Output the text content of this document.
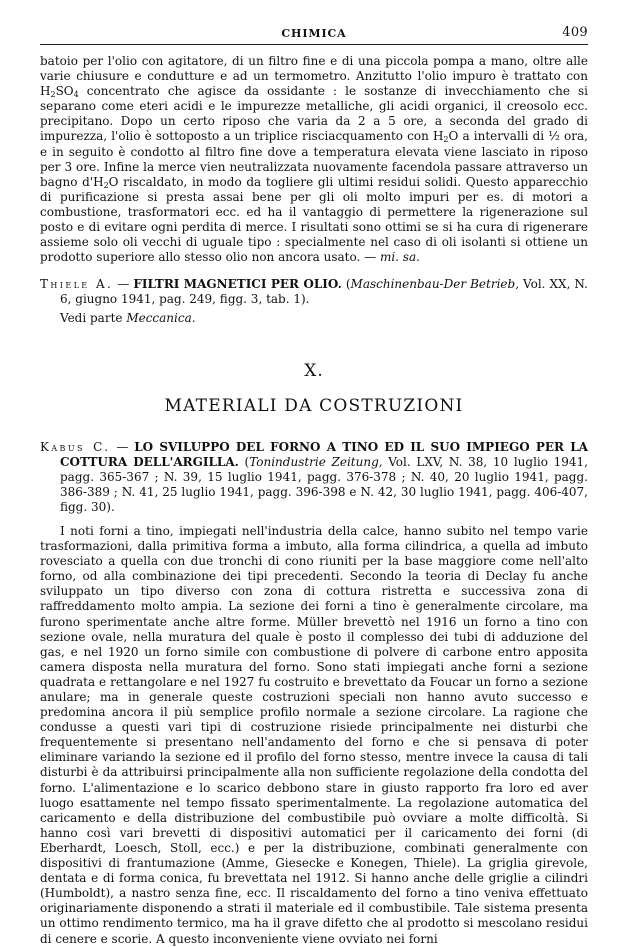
CHIMICA	409

batoio per l'olio con agitatore, di un filtro fine e di una piccola pompa a mano, oltre alle varie chiusure e condutture e ad un termometro. Anzitutto l'olio impuro è trattato con $H_2SO_4$ concentrato che agisce da ossidante : le sostanze di invecchiamento che si separano come eteri acidi e le impurezze metalliche, gli acidi organici, il creosolo ecc. precipitano. Dopo un certo riposo che varia da 2 a 5 ore, a seconda del grado di impurezza, l'olio è sottoposto a un triplice risciacquamento con $H_2O$ a intervalli di ½ ora, e in seguito è condotto al filtro fine dove a temperatura elevata viene lasciato in riposo per 3 ore. Infine la merce vien neutralizzata nuovamente facendola passare attraverso un bagno $d'H_2O$ riscaldato, in modo da togliere gli ultimi residui solidi. Questo apparecchio di purificazione si presta assai bene per gli oli molto impuri per es. di motori a combustione, trasformatori ecc. ed ha il vantaggio di permettere la rigenerazione sul posto e di evitare ogni perdita di merce. I risultati sono ottimi se si ha cura di rigenerare assieme solo oli vecchi di uguale tipo : specialmente nel caso di oli isolanti si ottiene un prodotto superiore allo stesso olio non ancora usato. — mi. sa.

Thiele A. — FILTRI MAGNETICI PER OLIO. (Maschinenbau-Der Betrieb, Vol. XX, N. 6, giugno 1941, pag. 249, figg. 3, tab. 1).

Vedi parte Meccanica.
X.
MATERIALI DA COSTRUZIONI

Kabus C. — LO SVILUPPO DEL FORNO A TINO ED IL SUO IMPIEGO PER LA COTTURA DELL'ARGILLA. (Tonindustrie Zeitung, Vol. LXV, N. 38, 10 luglio 1941, pagg. 365-367 ; N. 39, 15 luglio 1941, pagg. 376-378 ; N. 40, 20 luglio 1941, pagg. 386-389 ; N. 41, 25 luglio 1941, pagg. 396-398 e N. 42, 30 luglio 1941, pagg. 406-407, figg. 30).

I noti forni a tino, impiegati nell'industria della calce, hanno subito nel tempo varie trasformazioni, dalla primitiva forma a imbuto, alla forma cilindrica, a quella ad imbuto rovesciato a quella con due tronchi di cono riuniti per la base maggiore come nell'alto forno, od alla combinazione dei tipi precedenti. Secondo la teoria di Declay fu anche sviluppato un tipo diverso con zona di cottura ristretta e successiva zona di raffreddamento molto ampia. La sezione dei forni a tino è generalmente circolare, ma furono sperimentate anche altre forme. Müller brevettò nel 1916 un forno a tino con sezione ovale, nella muratura del quale è posto il complesso dei tubi di adduzione del gas, e nel 1920 un forno simile con combustione di polvere di carbone entro apposita camera disposta nella muratura del forno. Sono stati impiegati anche forni a sezione quadrata e rettangolare e nel 1927 fu costruito e brevettato da Foucar un forno a sezione anulare; ma in generale queste costruzioni speciali non hanno avuto successo e predomina ancora il più semplice profilo normale a sezione circolare. La ragione che condusse a questi vari tipi di costruzione risiede principalmente nei disturbi che frequentemente si presentano nell'andamento del forno e che si pensava di poter eliminare variando la sezione ed il profilo del forno stesso, mentre invece la causa di tali disturbi è da attribuirsi principalmente alla non sufficiente regolazione della condotta del forno. L'alimentazione e lo scarico debbono stare in giusto rapporto fra loro ed aver luogo esattamente nel tempo fissato sperimentalmente. La regolazione automatica del caricamento e della distribuzione del combustibile può ovviare a molte difficoltà. Si hanno così vari brevetti di dispositivi automatici per il caricamento dei forni (di Eberhardt, Loesch, Stoll, ecc.) e per la distribuzione, combinati generalmente con dispositivi di frantumazione (Amme, Giesecke e Konegen, Thiele). La griglia girevole, dentata e di forma conica, fu brevettata nel 1912. Si hanno anche delle griglie a cilindri (Humboldt), a nastro senza fine, ecc. Il riscaldamento del forno a tino veniva effettuato originariamente disponendo a strati il materiale ed il combustibile. Tale sistema presenta un ottimo rendimento termico, ma ha il grave difetto che al prodotto si mescolano residui di cenere e scorie. A questo inconveniente viene ovviato nei forni
